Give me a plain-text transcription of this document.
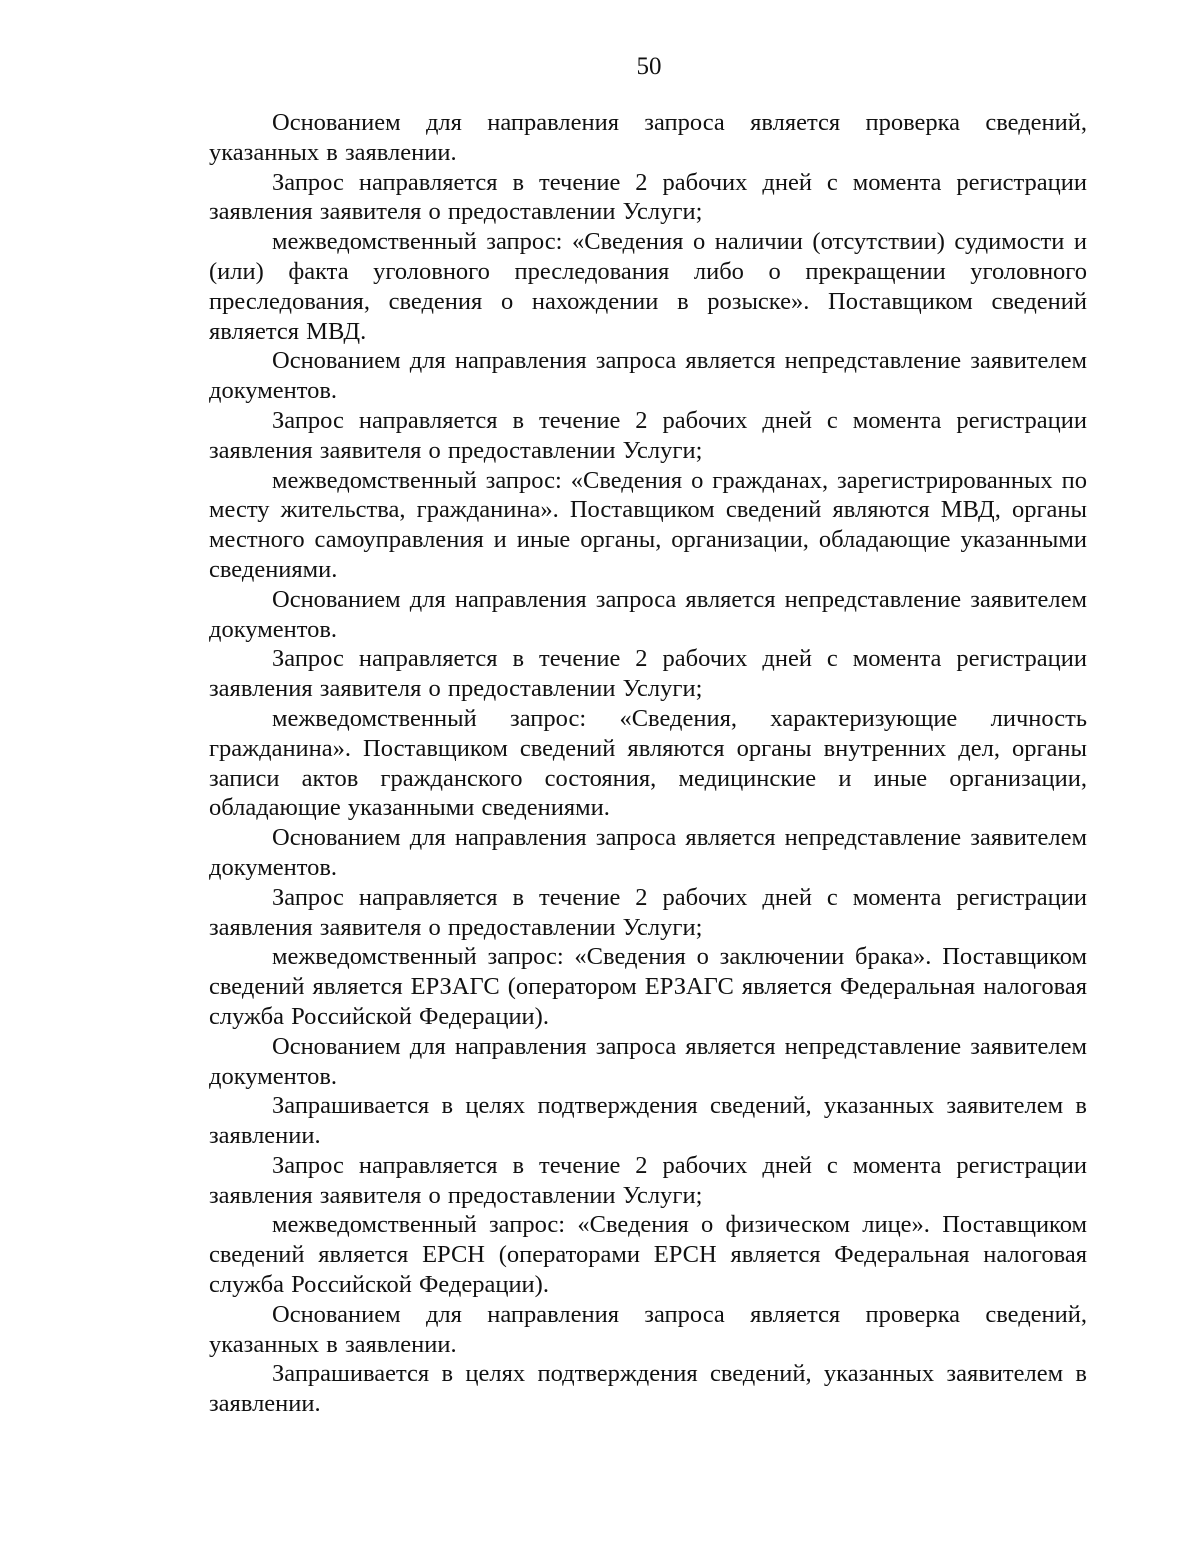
50

Основанием для направления запроса является проверка сведений, указанных в заявлении.

Запрос направляется в течение 2 рабочих дней с момента регистрации заявления заявителя о предоставлении Услуги;

межведомственный запрос: «Сведения о наличии (отсутствии) судимости и (или) факта уголовного преследования либо о прекращении уголовного преследования, сведения о нахождении в розыске». Поставщиком сведений является МВД.

Основанием для направления запроса является непредставление заявителем документов.

Запрос направляется в течение 2 рабочих дней с момента регистрации заявления заявителя о предоставлении Услуги;

межведомственный запрос: «Сведения о гражданах, зарегистрированных по месту жительства, гражданина». Поставщиком сведений являются МВД, органы местного самоуправления и иные органы, организации, обладающие указанными сведениями.

Основанием для направления запроса является непредставление заявителем документов.

Запрос направляется в течение 2 рабочих дней с момента регистрации заявления заявителя о предоставлении Услуги;

межведомственный запрос: «Сведения, характеризующие личность гражданина». Поставщиком сведений являются органы внутренних дел, органы записи актов гражданского состояния, медицинские и иные организации, обладающие указанными сведениями.

Основанием для направления запроса является непредставление заявителем документов.

Запрос направляется в течение 2 рабочих дней с момента регистрации заявления заявителя о предоставлении Услуги;

межведомственный запрос: «Сведения о заключении брака». Поставщиком сведений является ЕРЗАГС (оператором ЕРЗАГС является Федеральная налоговая служба Российской Федерации).

Основанием для направления запроса является непредставление заявителем документов.

Запрашивается в целях подтверждения сведений, указанных заявителем в заявлении.

Запрос направляется в течение 2 рабочих дней с момента регистрации заявления заявителя о предоставлении Услуги;

межведомственный запрос: «Сведения о физическом лице». Поставщиком сведений является ЕРСН (операторами ЕРСН является Федеральная налоговая служба Российской Федерации).

Основанием для направления запроса является проверка сведений, указанных в заявлении.

Запрашивается в целях подтверждения сведений, указанных заявителем в заявлении.
